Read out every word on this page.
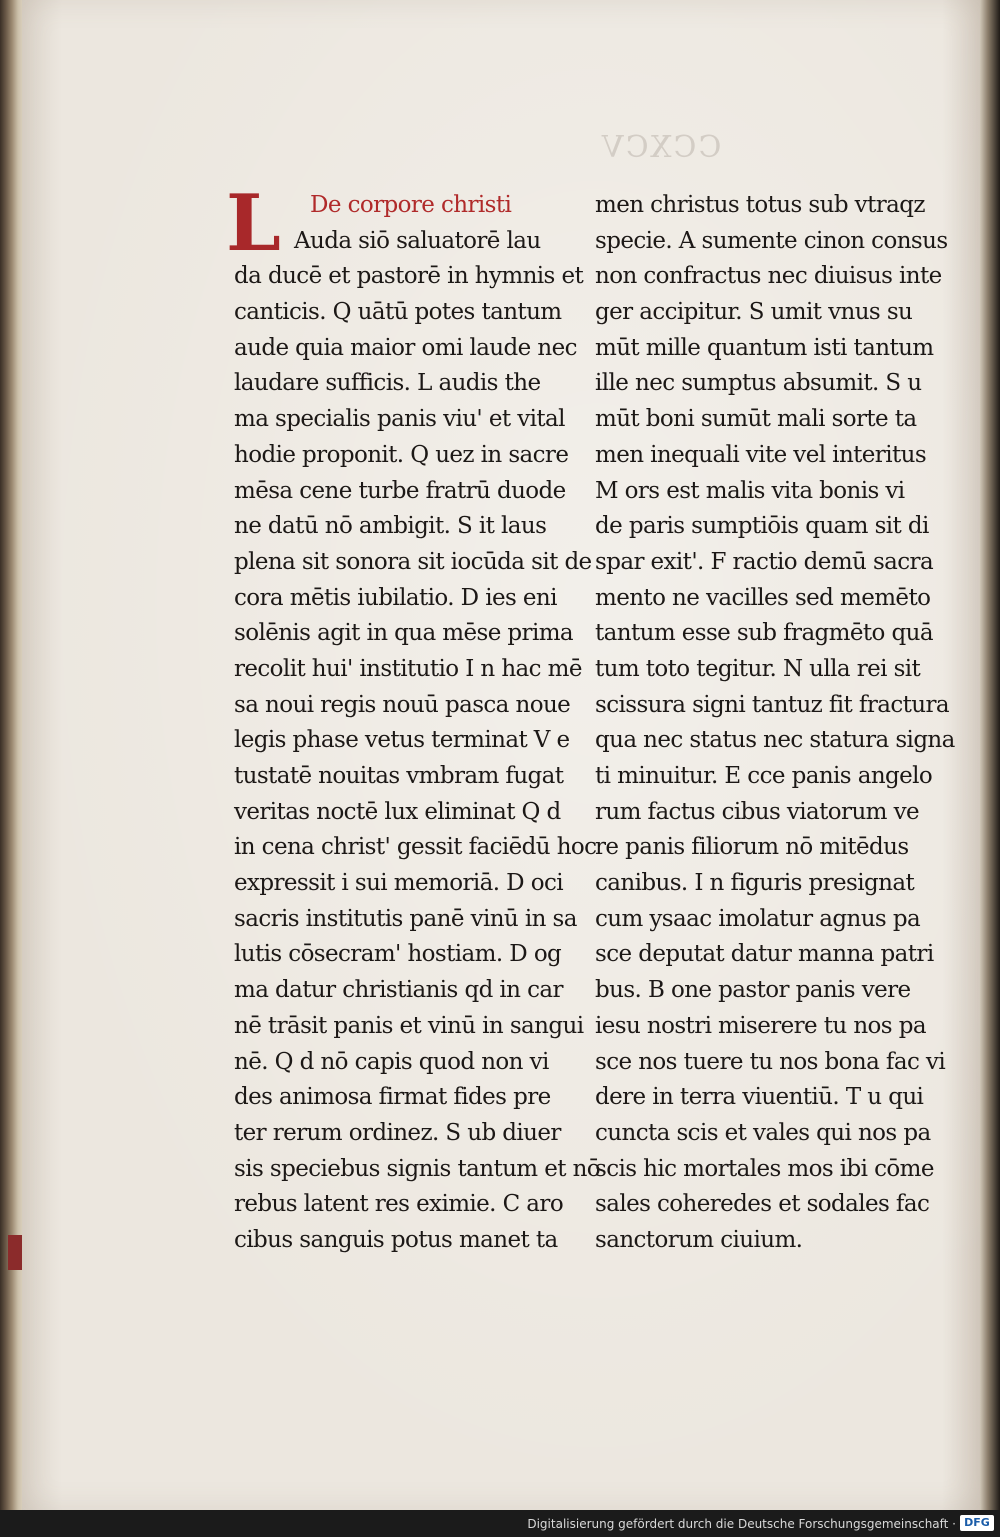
CCXCV
L	De corpore christi
Auda siō saluatorē lau
da ducē et pastorē in hymnis et
canticis. Q uātū potes tantum
aude quia maior omi laude nec
laudare sufficis. L audis the
ma specialis panis viu' et vital
hodie proponit. Q uez in sacre
mēsa cene turbe fratrū duode
ne datū nō ambigit. S it laus
plena sit sonora sit iocūda sit de
cora mētis iubilatio. D ies eni
solēnis agit in qua mēse prima
recolit hui' institutio I n hac mē
sa noui regis nouū pasca noue
legis phase vetus terminat V e
tustatē nouitas vmbram fugat
veritas noctē lux eliminat Q d
in cena christ' gessit faciēdū hoc
expressit i sui memoriā. D oci
sacris institutis panē vinū in sa
lutis cōsecram' hostiam. D og
ma datur christianis qd in car
nē trāsit panis et vinū in sangui
nē. Q d nō capis quod non vi
des animosa firmat fides pre
ter rerum ordinez. S ub diuer
sis speciebus signis tantum et nō
rebus latent res eximie. C aro
cibus sanguis potus manet ta
men christus totus sub vtraqz
specie. A sumente cinon consus
non confractus nec diuisus inte
ger accipitur. S umit vnus su
mūt mille quantum isti tantum
ille nec sumptus absumit. S u
mūt boni sumūt mali sorte ta
men inequali vite vel interitus
M ors est malis vita bonis vi
de paris sumptiōis quam sit di
spar exit'. F ractio demū sacra
mento ne vacilles sed memēto
tantum esse sub fragmēto quā
tum toto tegitur. N ulla rei sit
scissura signi tantuz fit fractura
qua nec status nec statura signa
ti minuitur. E cce panis angelo
rum factus cibus viatorum ve
re panis filiorum nō mitēdus
canibus. I n figuris presignat
cum ysaac imolatur agnus pa
sce deputat datur manna patri
bus. B one pastor panis vere
iesu nostri miserere tu nos pa
sce nos tuere tu nos bona fac vi
dere in terra viuentiū. T u qui
cuncta scis et vales qui nos pa
scis hic mortales mos ibi cōme
sales coheredes et sodales fac
sanctorum ciuium.
Digitalisierung gefördert durch die Deutsche Forschungsgemeinschaft · DFG
